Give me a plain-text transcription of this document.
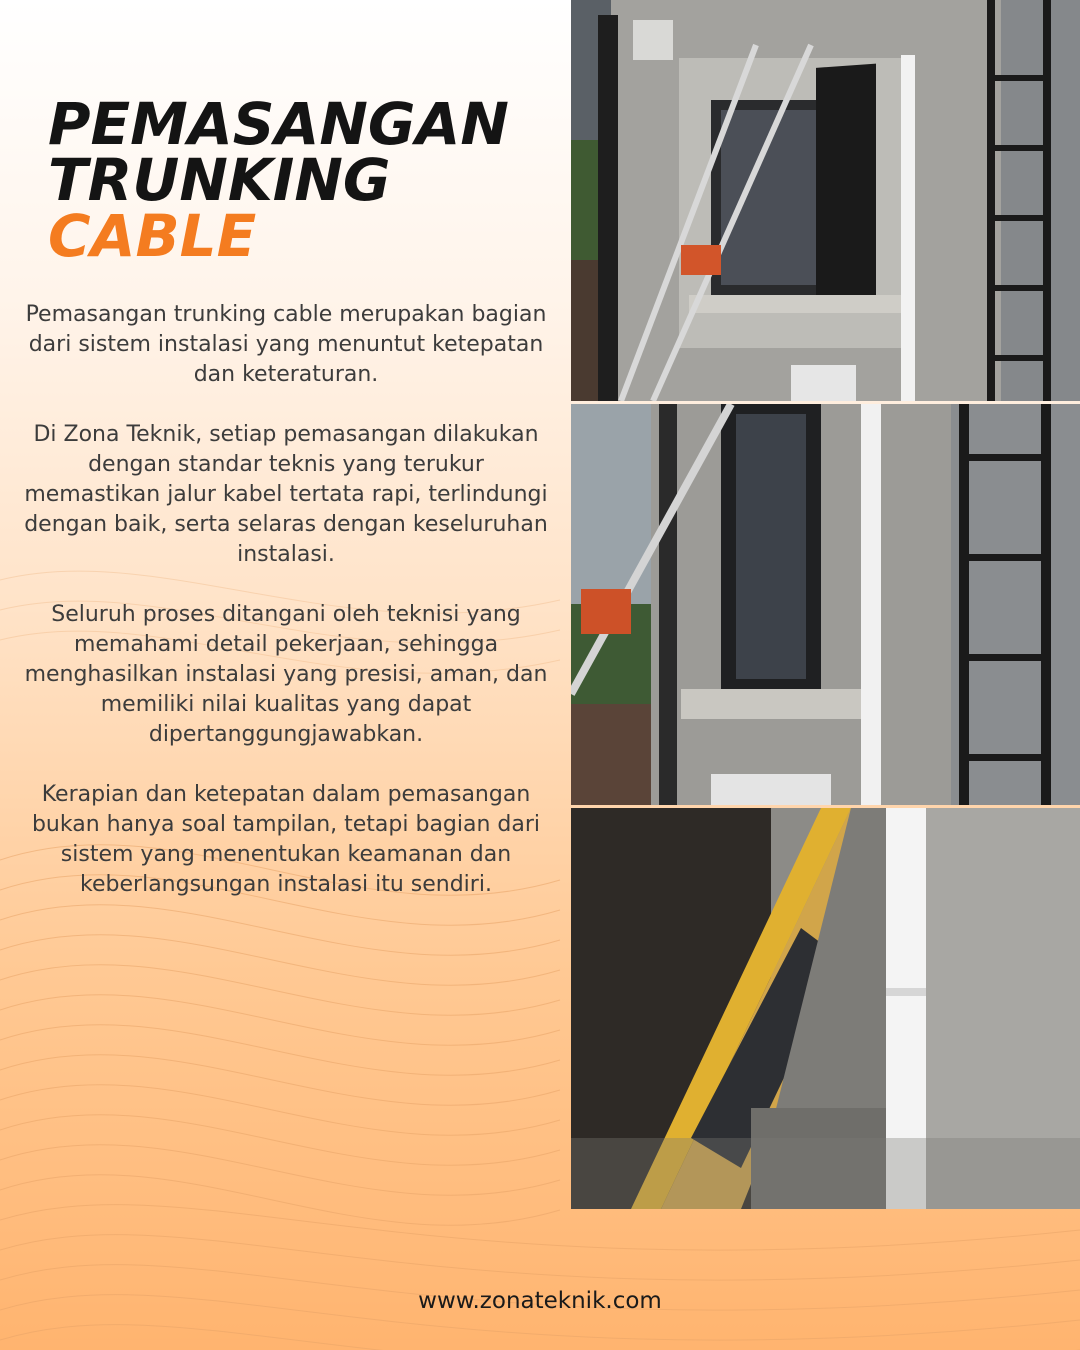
PEMASANGAN
TRUNKING
CABLE

Pemasangan trunking cable merupakan bagian dari sistem instalasi yang menuntut ketepatan dan keteraturan.

Di Zona Teknik, setiap pemasangan dilakukan dengan standar teknis yang terukur memastikan jalur kabel tertata rapi, terlindungi dengan baik, serta selaras dengan keseluruhan instalasi.

Seluruh proses ditangani oleh teknisi yang memahami detail pekerjaan, sehingga menghasilkan instalasi yang presisi, aman, dan memiliki nilai kualitas yang dapat dipertanggungjawabkan.

Kerapian dan ketepatan dalam pemasangan bukan hanya soal tampilan, tetapi bagian dari sistem yang menentukan keamanan dan keberlangsungan instalasi itu sendiri.

www.zonateknik.com
